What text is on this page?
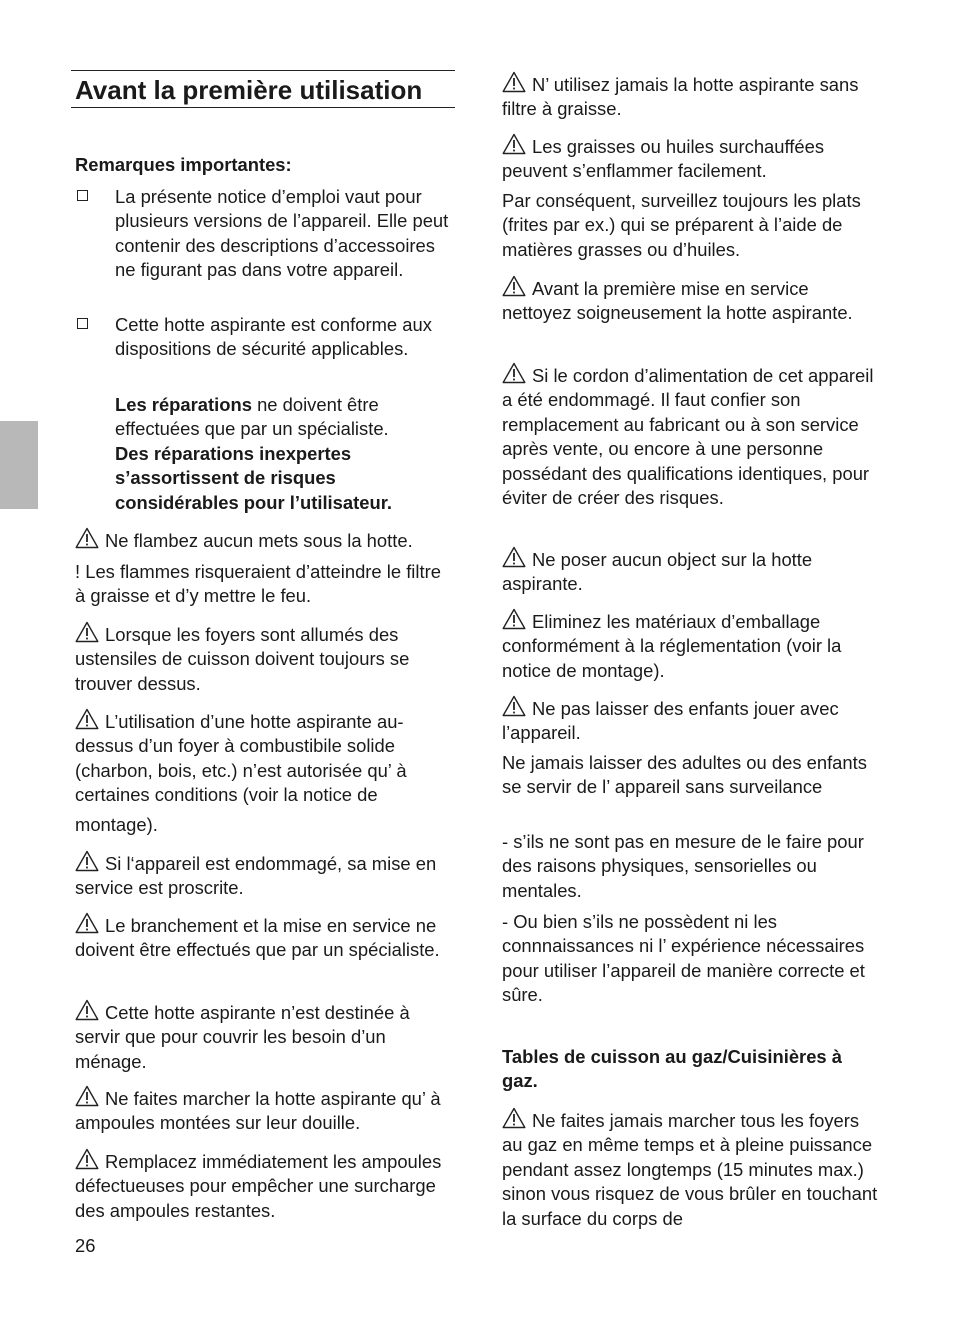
Avant la première utilisation

Remarques importantes:

La présente notice d’emploi vaut pour plusieurs versions de l’appareil. Elle peut contenir des descriptions d’accessoires ne figurant pas dans votre appareil.

Cette hotte aspirante est conforme aux dispositions de sécurité applicables.

Les réparations ne doivent être effectuées que par un spécialiste.
Des réparations inexpertes s’assortissent de risques considérables pour l’utilisateur.

Ne flambez aucun mets sous la hotte.

! Les flammes risqueraient d’atteindre le filtre à graisse et d’y mettre le feu.

Lorsque les foyers sont allumés des ustensiles de cuisson doivent toujours se trouver dessus.

L’utilisation d’une hotte aspirante au-dessus d’un foyer à combustibile solide (charbon, bois, etc.) n’est autorisée qu’ à certaines conditions (voir la notice de

montage).

Si l‘appareil est endommagé, sa mise en service est proscrite.

Le branchement et la mise en service ne doivent être effectués que par un spécialiste.

Cette hotte aspirante n’est destinée à servir que pour couvrir les besoin d’un ménage.

Ne faites marcher la hotte aspirante qu’ à ampoules montées sur leur douille.

Remplacez immédiatement les ampoules défectueuses pour empêcher une surcharge des ampoules restantes.

26

N’ utilisez jamais la hotte aspirante sans filtre à graisse.

Les graisses ou huiles surchauffées peuvent s’enflammer facilement.

Par conséquent, surveillez toujours les plats (frites par ex.) qui se préparent à l’aide de matières grasses ou d’huiles.

Avant la première mise en service nettoyez soigneusement la hotte aspirante.

Si le cordon d’alimentation de cet appareil a été endommagé. Il faut confier son remplacement au fabricant ou à son service après vente, ou encore à une personne possédant des qualifications identiques, pour éviter de créer des risques.

Ne poser aucun object sur la hotte aspirante.

Eliminez les matériaux d’emballage conformément à la réglementation (voir la notice de montage).

Ne pas laisser des enfants jouer avec l’appareil.

Ne jamais laisser des adultes ou des enfants se servir de l’ appareil sans surveilance

- s’ils ne sont pas en mesure de le faire pour des raisons physiques, sensorielles ou mentales.

- Ou bien s’ils ne possèdent ni les connnaissances ni l’ expérience nécessaires pour utiliser l’appareil de manière correcte et sûre.

Tables de cuisson au gaz/Cuisinières à gaz.

Ne faites jamais marcher tous les foyers au gaz en même temps et à pleine puissance pendant assez longtemps (15 minutes max.) sinon vous risquez de vous brûler en touchant la surface du corps de
